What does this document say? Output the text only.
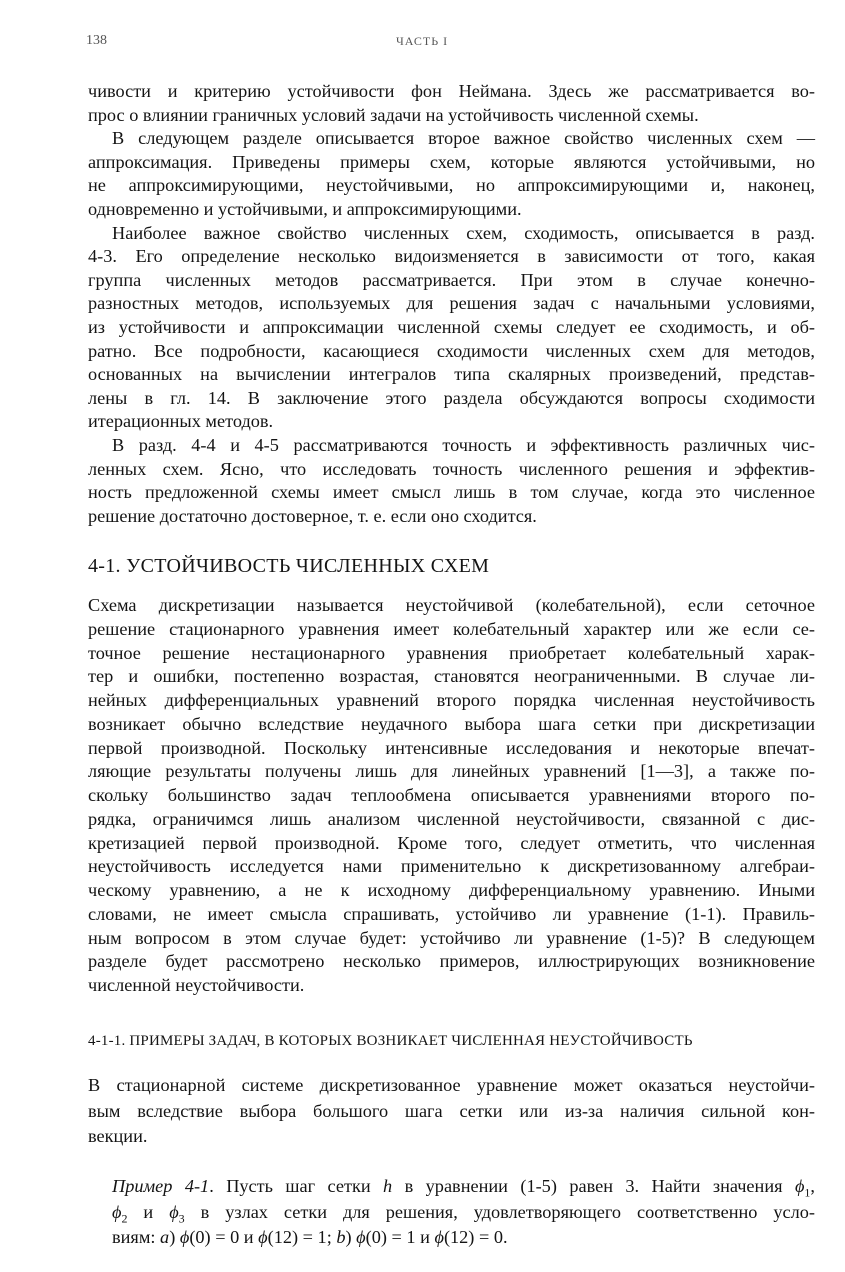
138	ЧАСТЬ I
чивости и критерию устойчивости фон Неймана. Здесь же рассматривается во-
прос о влиянии граничных условий задачи на устойчивость численной схемы.
В следующем разделе описывается второе важное свойство численных схем —
аппроксимация. Приведены примеры схем, которые являются устойчивыми, но
не аппроксимирующими, неустойчивыми, но аппроксимирующими и, наконец,
одновременно и устойчивыми, и аппроксимирующими.
Наиболее важное свойство численных схем, сходимость, описывается в разд.
4-3. Его определение несколько видоизменяется в зависимости от того, какая
группа численных методов рассматривается. При этом в случае конечно-
разностных методов, используемых для решения задач с начальными условиями,
из устойчивости и аппроксимации численной схемы следует ее сходимость, и об-
ратно. Все подробности, касающиеся сходимости численных схем для методов,
основанных на вычислении интегралов типа скалярных произведений, представ-
лены в гл. 14. В заключение этого раздела обсуждаются вопросы сходимости
итерационных методов.
В разд. 4-4 и 4-5 рассматриваются точность и эффективность различных чис-
ленных схем. Ясно, что исследовать точность численного решения и эффектив-
ность предложенной схемы имеет смысл лишь в том случае, когда это численное
решение достаточно достоверное, т. е. если оно сходится.
4-1. УСТОЙЧИВОСТЬ ЧИСЛЕННЫХ СХЕМ
Схема дискретизации называется неустойчивой (колебательной), если сеточное
решение стационарного уравнения имеет колебательный характер или же если се-
точное решение нестационарного уравнения приобретает колебательный харак-
тер и ошибки, постепенно возрастая, становятся неограниченными. В случае ли-
нейных дифференциальных уравнений второго порядка численная неустойчивость
возникает обычно вследствие неудачного выбора шага сетки при дискретизации
первой производной. Поскольку интенсивные исследования и некоторые впечат-
ляющие результаты получены лишь для линейных уравнений [1—3], а также по-
скольку большинство задач теплообмена описывается уравнениями второго по-
рядка, ограничимся лишь анализом численной неустойчивости, связанной с дис-
кретизацией первой производной. Кроме того, следует отметить, что численная
неустойчивость исследуется нами применительно к дискретизованному алгебраи-
ческому уравнению, а не к исходному дифференциальному уравнению. Иными
словами, не имеет смысла спрашивать, устойчиво ли уравнение (1-1). Правиль-
ным вопросом в этом случае будет: устойчиво ли уравнение (1-5)? В следующем
разделе будет рассмотрено несколько примеров, иллюстрирующих возникновение
численной неустойчивости.
4-1-1. ПРИМЕРЫ ЗАДАЧ, В КОТОРЫХ ВОЗНИКАЕТ ЧИСЛЕННАЯ НЕУСТОЙЧИВОСТЬ
В стационарной системе дискретизованное уравнение может оказаться неустойчи-
вым вследствие выбора большого шага сетки или из-за наличия сильной кон-
векции.
Пример 4-1. Пусть шаг сетки h в уравнении (1-5) равен 3. Найти значения $\phi_1$,
$\phi_2$ и $\phi_3$ в узлах сетки для решения, удовлетворяющего соответственно усло-
виям: a) ϕ(0) = 0 и ϕ(12) = 1; b) ϕ(0) = 1 и ϕ(12) = 0.
